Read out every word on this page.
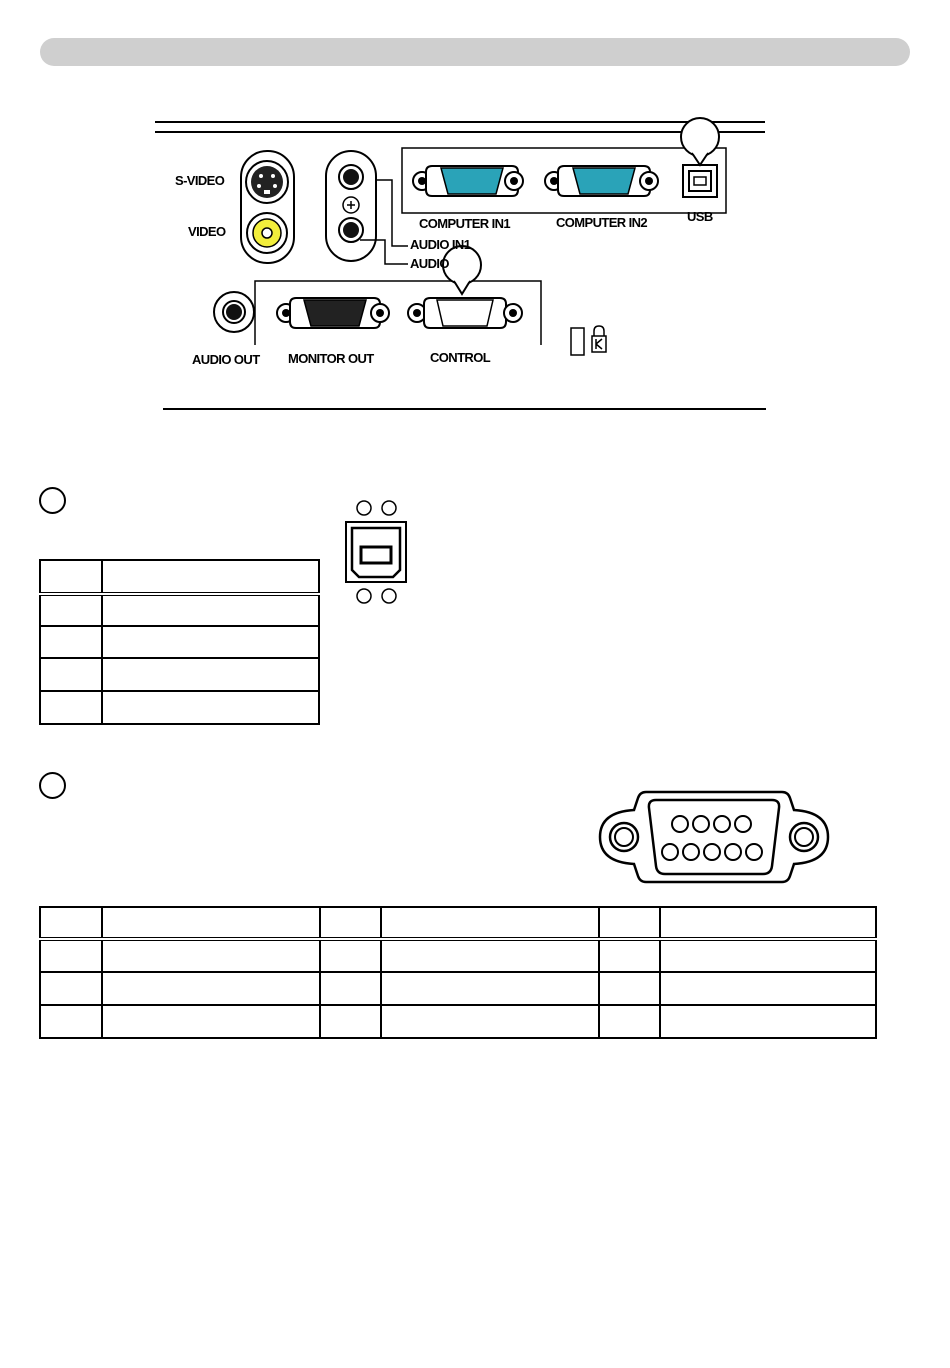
S-VIDEO
VIDEO
AUDIO IN1
AUDIO
COMPUTER IN1	COMPUTER IN2	USB
AUDIO OUT MONITOR OUT	CONTROL
